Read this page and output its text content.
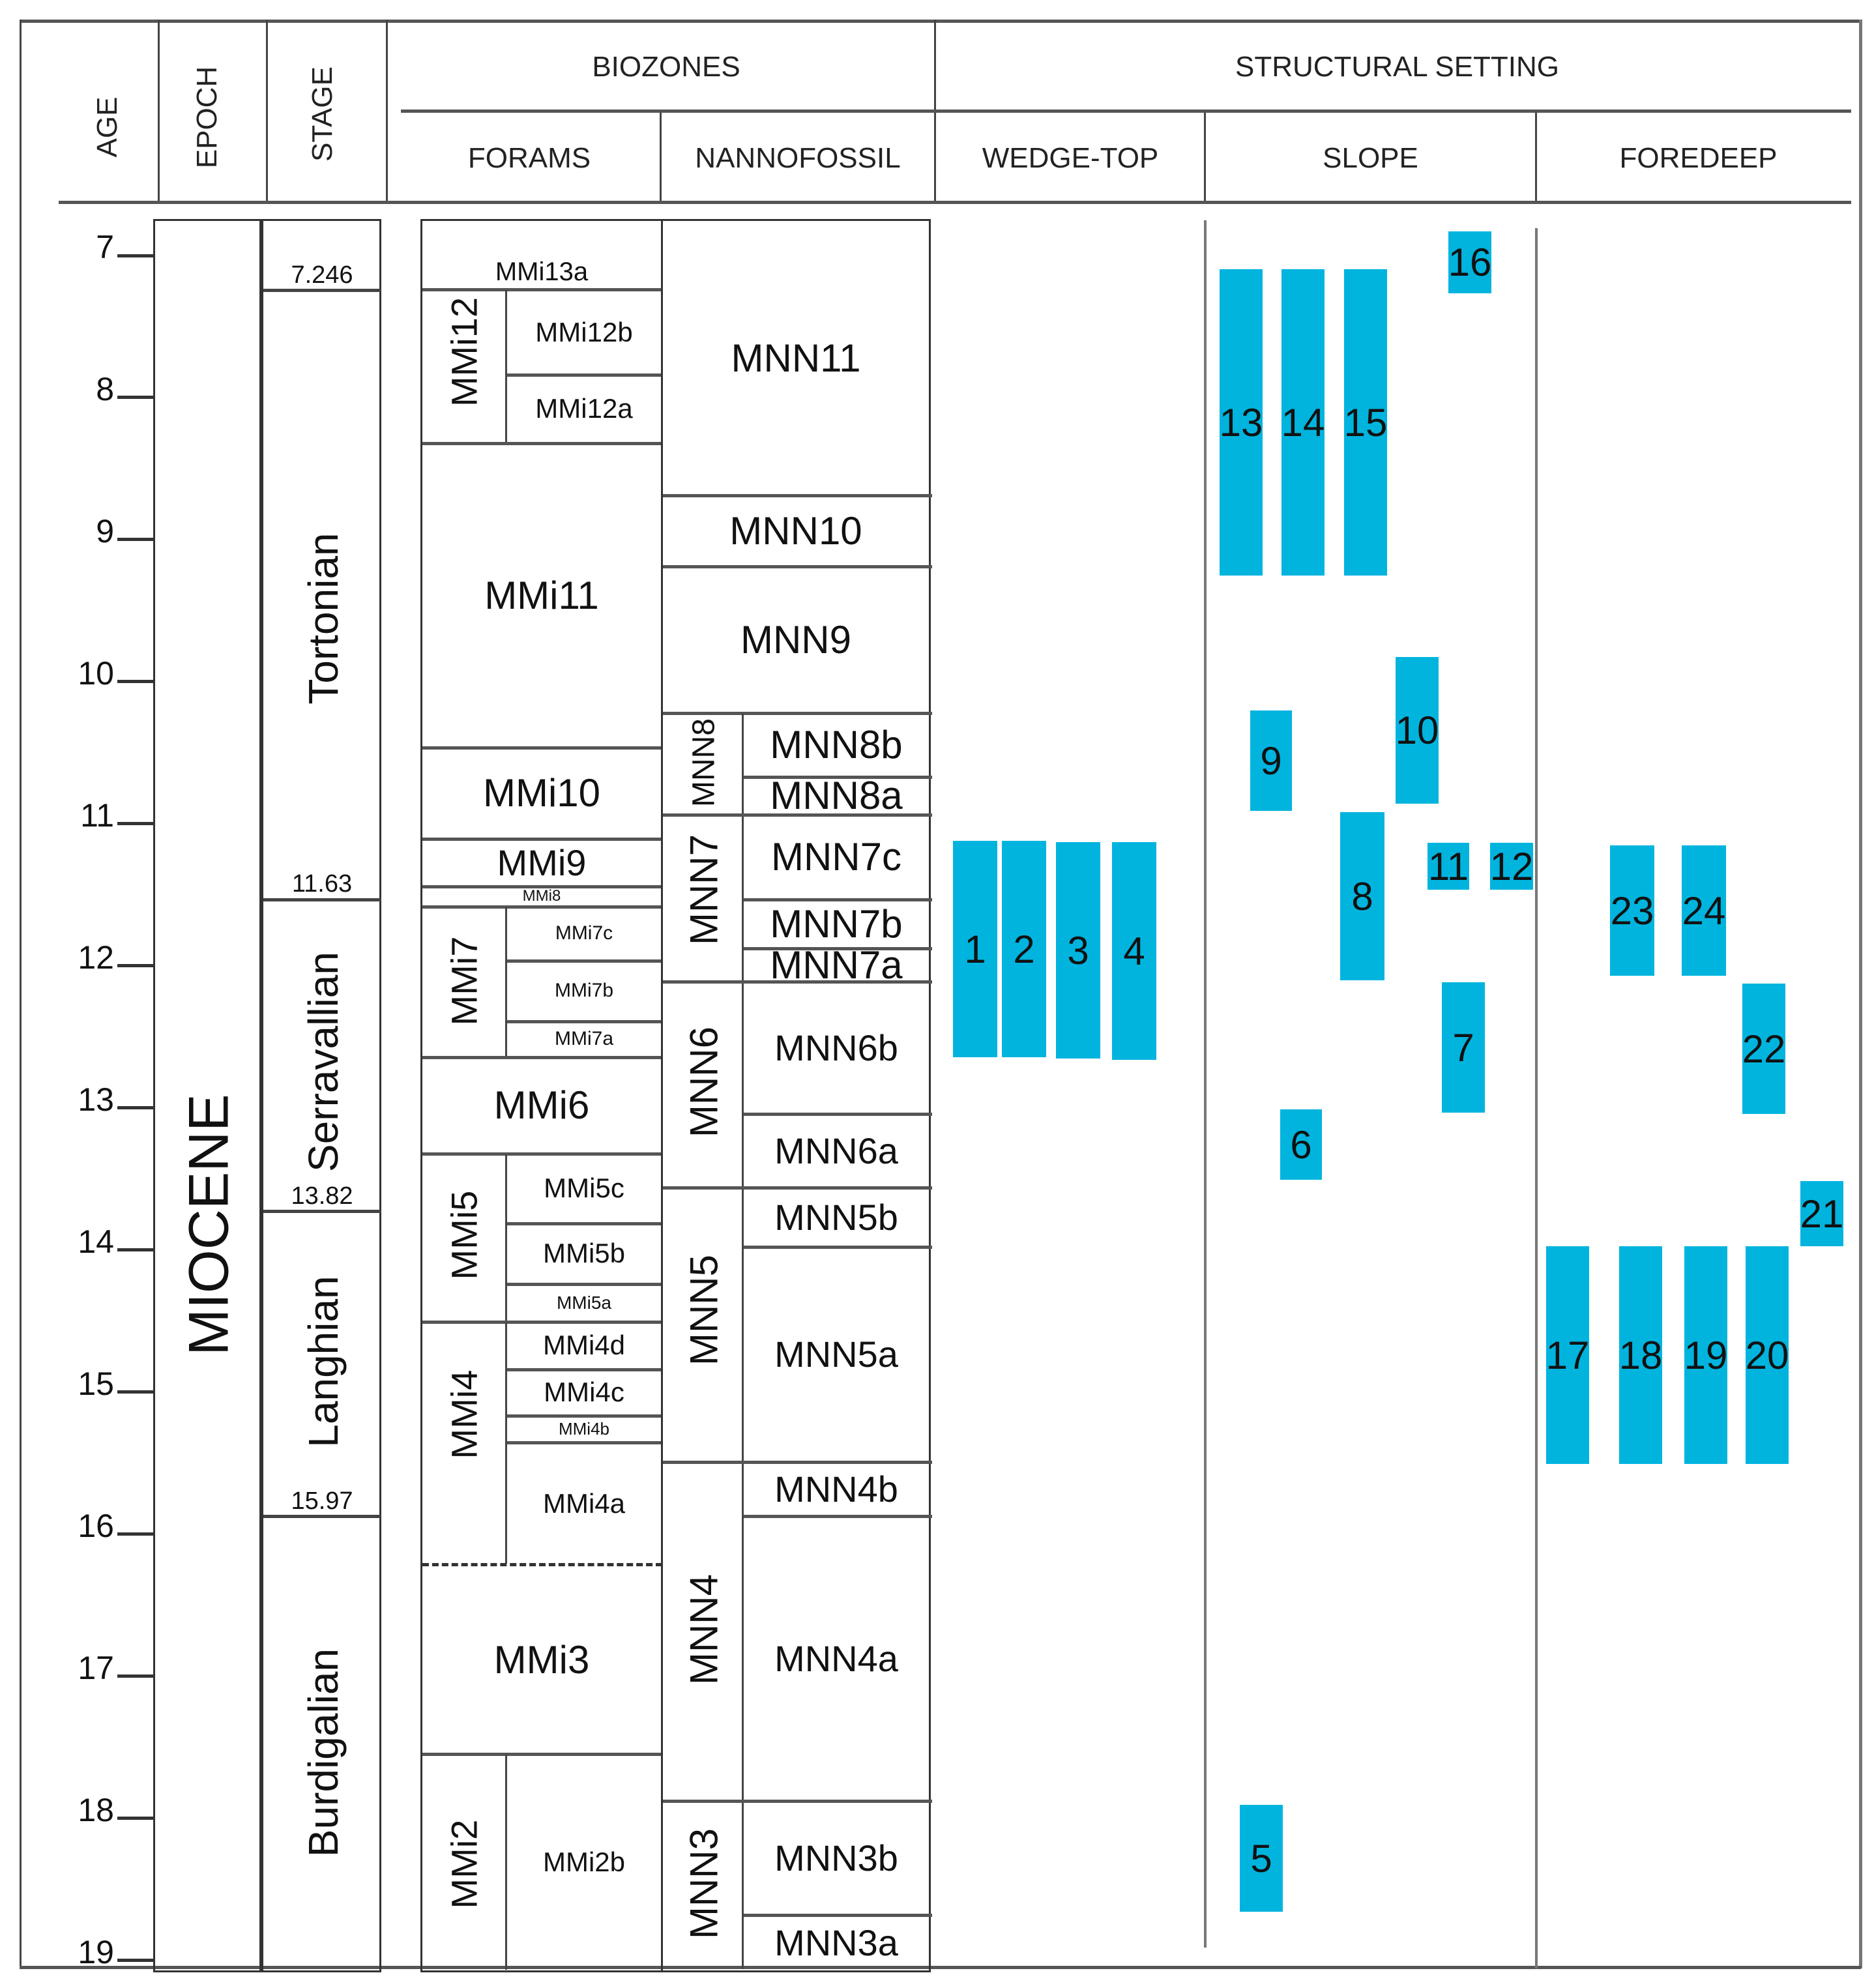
AGE EPOCH	STAGE	BIOZONES
FORAMS	NANNOFOSSIL
STRUCTURAL SETTING
WEDGE-TOP	SLOPE	FOREDEEP
7
8
9
10
11
12
13
14
15
16
17
18
19
MIOCENE
7.246
11.63
13.82
15.97
Tortonian
Serravallian
Langhian
Burdigalian
MMi13a
MMi12	MMi12b
MMi12a
MMi11
MMi10
MMi9
MMi8
MMi7
MMi7c
MMi7b
MMi7a
MMi6
MMi5
MMi5c
MMi5b
MMi5a
MMi4
MMi4d
MMi4c
MMi4b
MMi4a
MMi3
MMi2	MMi2b
MNN11
MNN10
MNN9
MNN8	MNN8b
MNN8a
MNN7	MNN7c
MNN7b
MNN7a
MNN6	MNN6b
MNN6a
MNN5
MNN5b
MNN5a
MNN4
MNN4b
MNN4a
MNN3	MNN3b
MNN3a
1 2 3 4
13 14 15
16
10
9
8
11 12
7
6
5
23 24
22
21
17 18 19 20
